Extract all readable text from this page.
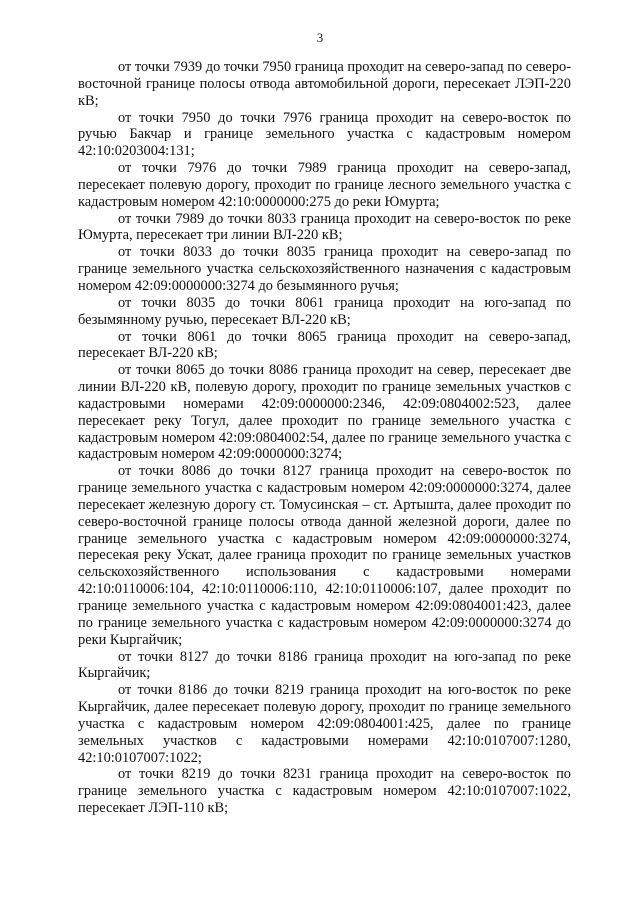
3

от точки 7939 до точки 7950 граница проходит на северо-запад по северо-восточной границе полосы отвода автомобильной дороги, пересекает ЛЭП-220 кВ;

от точки 7950 до точки 7976 граница проходит на северо-восток по ручью Бакчар и границе земельного участка с кадастровым номером 42:10:0203004:131;

от точки 7976 до точки 7989 граница проходит на северо-запад, пересекает полевую дорогу, проходит по границе лесного земельного участка с кадастровым номером 42:10:0000000:275 до реки Юмурта;

от точки 7989 до точки 8033 граница проходит на северо-восток по реке Юмурта, пересекает три линии ВЛ-220 кВ;

от точки 8033 до точки 8035 граница проходит на северо-запад по границе земельного участка сельскохозяйственного назначения с кадастровым номером 42:09:0000000:3274 до безымянного ручья;

от точки 8035 до точки 8061 граница проходит на юго-запад по безымянному ручью, пересекает ВЛ-220 кВ;

от точки 8061 до точки 8065 граница проходит на северо-запад, пересекает ВЛ-220 кВ;

от точки 8065 до точки 8086 граница проходит на север, пересекает две линии ВЛ-220 кВ, полевую дорогу, проходит по границе земельных участков с кадастровыми номерами 42:09:0000000:2346, 42:09:0804002:523, далее пересекает реку Тогул, далее проходит по границе земельного участка с кадастровым номером 42:09:0804002:54, далее по границе земельного участка с кадастровым номером 42:09:0000000:3274;

от точки 8086 до точки 8127 граница проходит на северо-восток по границе земельного участка с кадастровым номером 42:09:0000000:3274, далее пересекает железную дорогу ст. Томусинская – ст. Артышта, далее проходит по северо-восточной границе полосы отвода данной железной дороги, далее по границе земельного участка с кадастровым номером 42:09:0000000:3274, пересекая реку Ускат, далее граница проходит по границе земельных участков сельскохозяйственного использования с кадастровыми номерами 42:10:0110006:104, 42:10:0110006:110, 42:10:0110006:107, далее проходит по границе земельного участка с кадастровым номером 42:09:0804001:423, далее по границе земельного участка с кадастровым номером 42:09:0000000:3274 до реки Кыргайчик;

от точки 8127 до точки 8186 граница проходит на юго-запад по реке Кыргайчик;

от точки 8186 до точки 8219 граница проходит на юго-восток по реке Кыргайчик, далее пересекает полевую дорогу, проходит по границе земельного участка с кадастровым номером 42:09:0804001:425, далее по границе земельных участков с кадастровыми номерами 42:10:0107007:1280, 42:10:0107007:1022;

от точки 8219 до точки 8231 граница проходит на северо-восток по границе земельного участка с кадастровым номером 42:10:0107007:1022, пересекает ЛЭП-110 кВ;
